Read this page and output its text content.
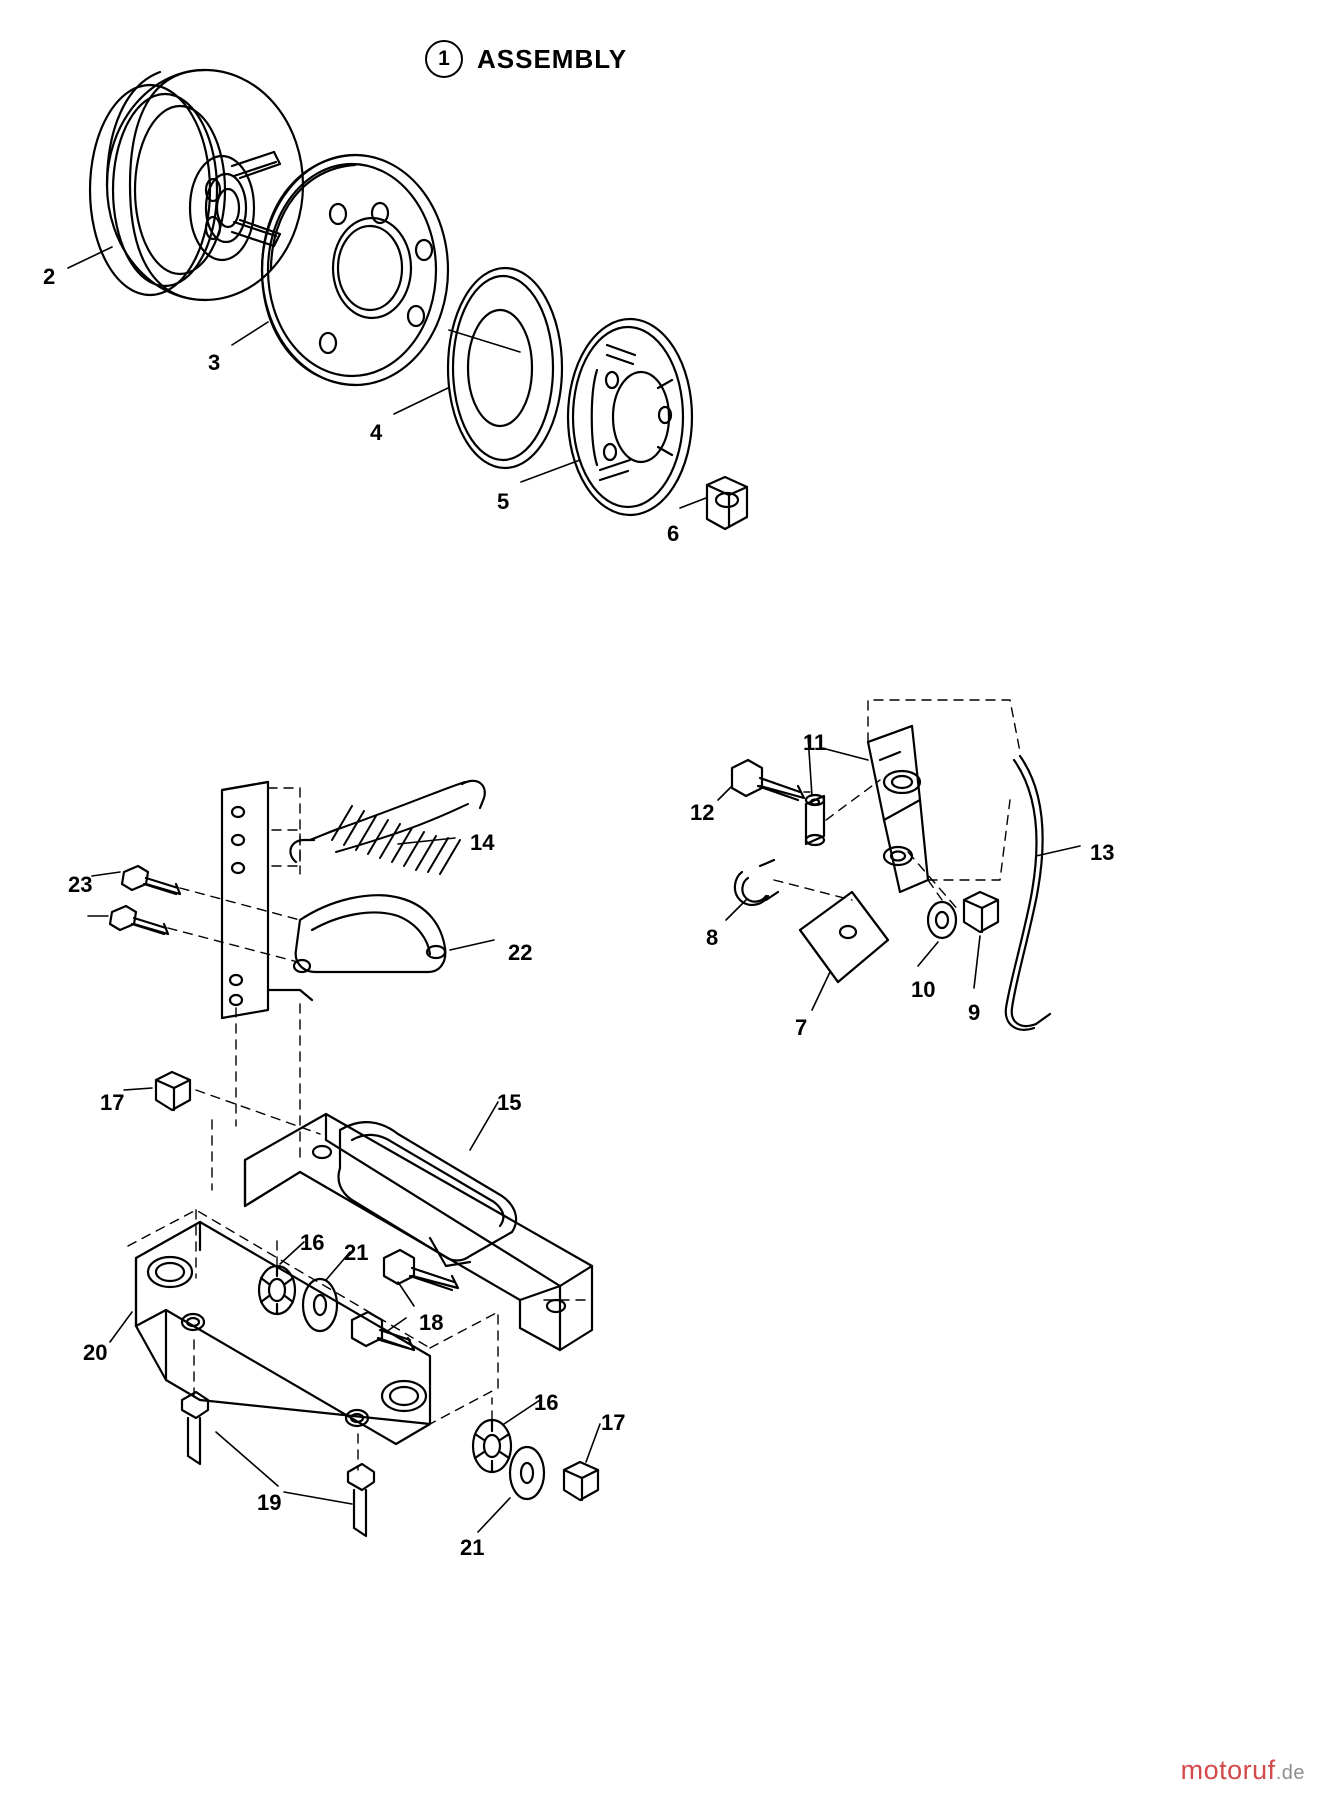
1	ASSEMBLY
2
3
4
5
6
11
12
13
8
10
9
7
14
23
22
17	15
16 21
18
20
16
17
19
21
motoruf.de
